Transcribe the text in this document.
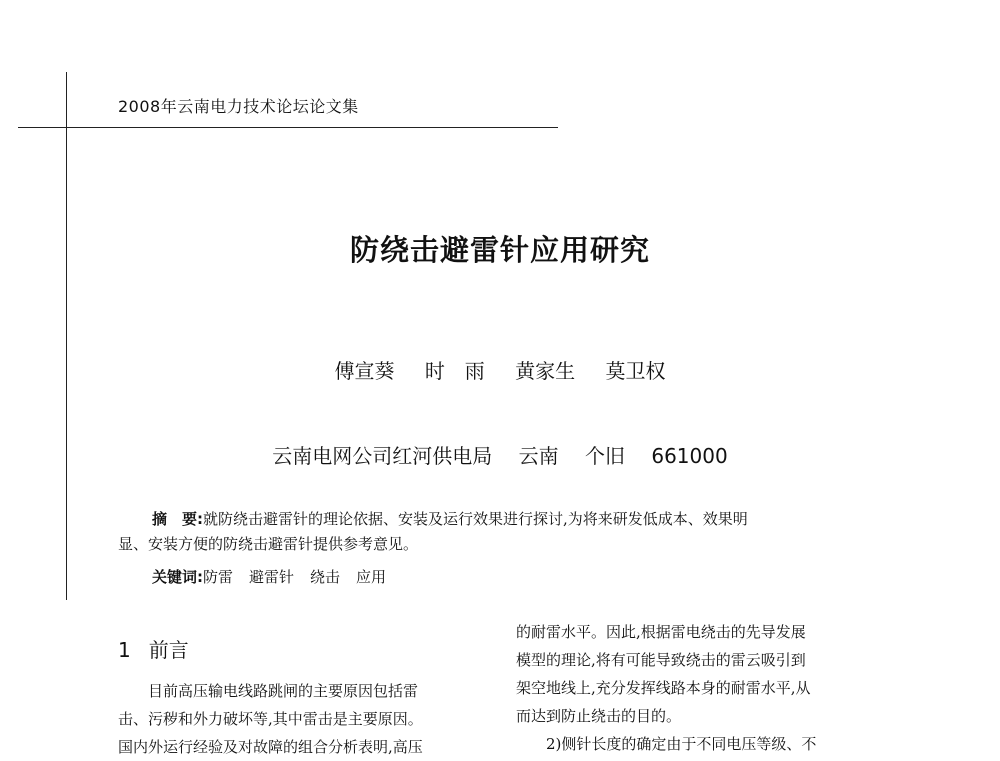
2008年云南电力技术论坛论文集
防绕击避雷针应用研究
傅宣葵 时　雨 黄家生 莫卫权
云南电网公司红河供电局 云南 个旧 661000
摘　要:就防绕击避雷针的理论依据、安装及运行效果进行探讨,为将来研发低成本、效果明
显、安装方便的防绕击避雷针提供参考意见。
关键词:防雷 避雷针 绕击 应用
1 前言
　　目前高压输电线路跳闸的主要原因包括雷
击、污秽和外力破坏等,其中雷击是主要原因。
国内外运行经验及对故障的组合分析表明,高压
的耐雷水平。因此,根据雷电绕击的先导发展
模型的理论,将有可能导致绕击的雷云吸引到
架空地线上,充分发挥线路本身的耐雷水平,从
而达到防止绕击的目的。
　　2)侧针长度的确定由于不同电压等级、不
